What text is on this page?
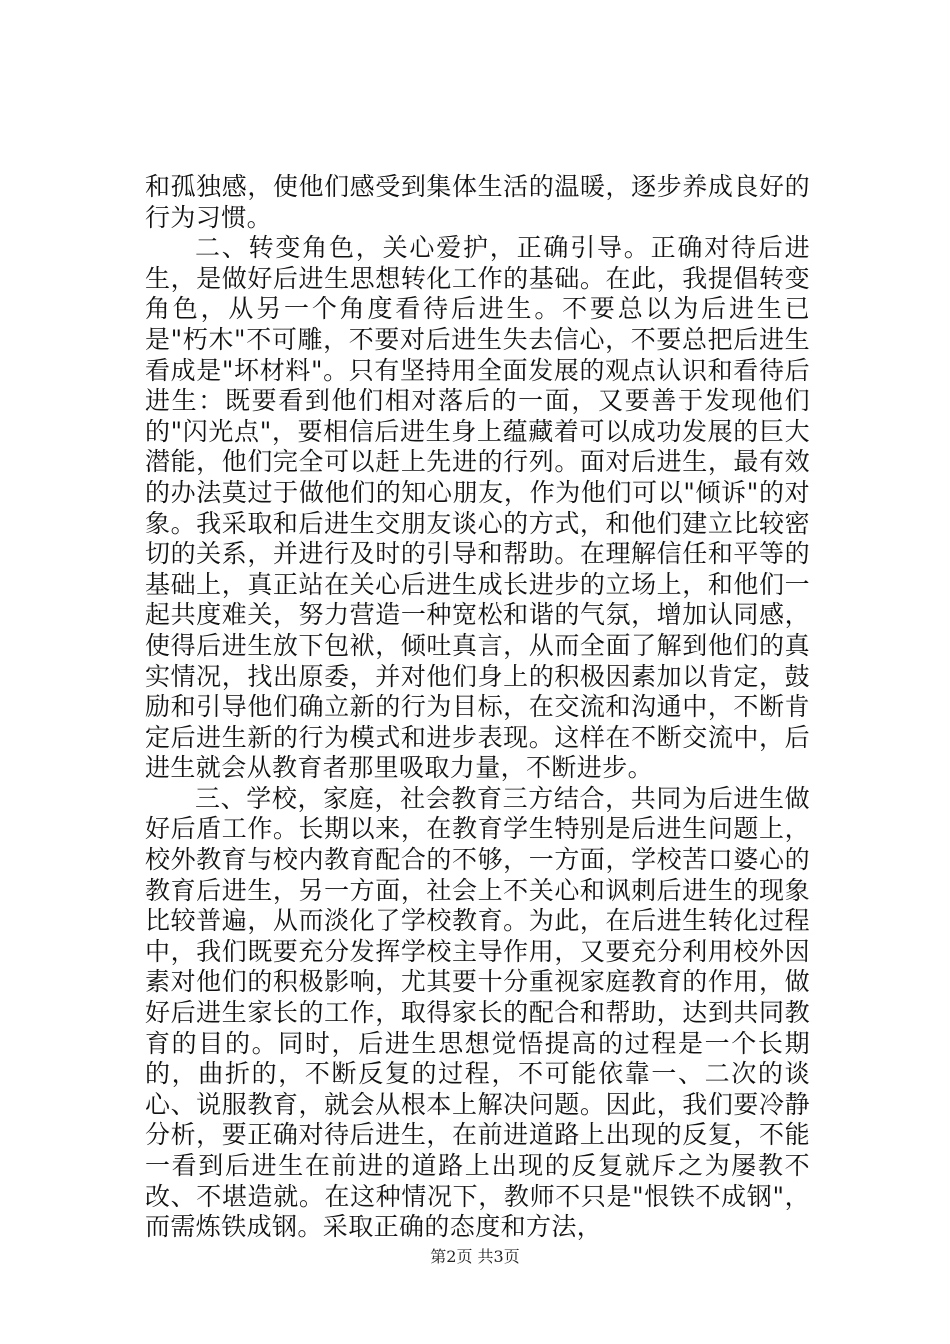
和孤独感，使他们感受到集体生活的温暖，逐步养成良好的行为习惯。

二、转变角色，关心爱护，正确引导。正确对待后进生，是做好后进生思想转化工作的基础。在此，我提倡转变角色，从另一个角度看待后进生。不要总以为后进生已是"朽木"不可雕，不要对后进生失去信心，不要总把后进生看成是"坏材料"。只有坚持用全面发展的观点认识和看待后进生：既要看到他们相对落后的一面，又要善于发现他们的"闪光点"，要相信后进生身上蕴藏着可以成功发展的巨大潜能，他们完全可以赶上先进的行列。面对后进生，最有效的办法莫过于做他们的知心朋友，作为他们可以"倾诉"的对象。我采取和后进生交朋友谈心的方式，和他们建立比较密切的关系，并进行及时的引导和帮助。在理解信任和平等的基础上，真正站在关心后进生成长进步的立场上，和他们一起共度难关，努力营造一种宽松和谐的气氛，增加认同感，使得后进生放下包袱，倾吐真言，从而全面了解到他们的真实情况，找出原委，并对他们身上的积极因素加以肯定，鼓励和引导他们确立新的行为目标，在交流和沟通中，不断肯定后进生新的行为模式和进步表现。这样在不断交流中，后进生就会从教育者那里吸取力量，不断进步。

三、学校，家庭，社会教育三方结合，共同为后进生做好后盾工作。长期以来，在教育学生特别是后进生问题上，校外教育与校内教育配合的不够，一方面，学校苦口婆心的教育后进生，另一方面，社会上不关心和讽刺后进生的现象比较普遍，从而淡化了学校教育。为此，在后进生转化过程中，我们既要充分发挥学校主导作用，又要充分利用校外因素对他们的积极影响，尤其要十分重视家庭教育的作用，做好后进生家长的工作，取得家长的配合和帮助，达到共同教育的目的。同时，后进生思想觉悟提高的过程是一个长期的，曲折的，不断反复的过程，不可能依靠一、二次的谈心、说服教育，就会从根本上解决问题。因此，我们要冷静分析，要正确对待后进生，在前进道路上出现的反复，不能一看到后进生在前进的道路上出现的反复就斥之为屡教不改、不堪造就。在这种情况下，教师不只是"恨铁不成钢"，而需炼铁成钢。采取正确的态度和方法，

第2页 共3页
